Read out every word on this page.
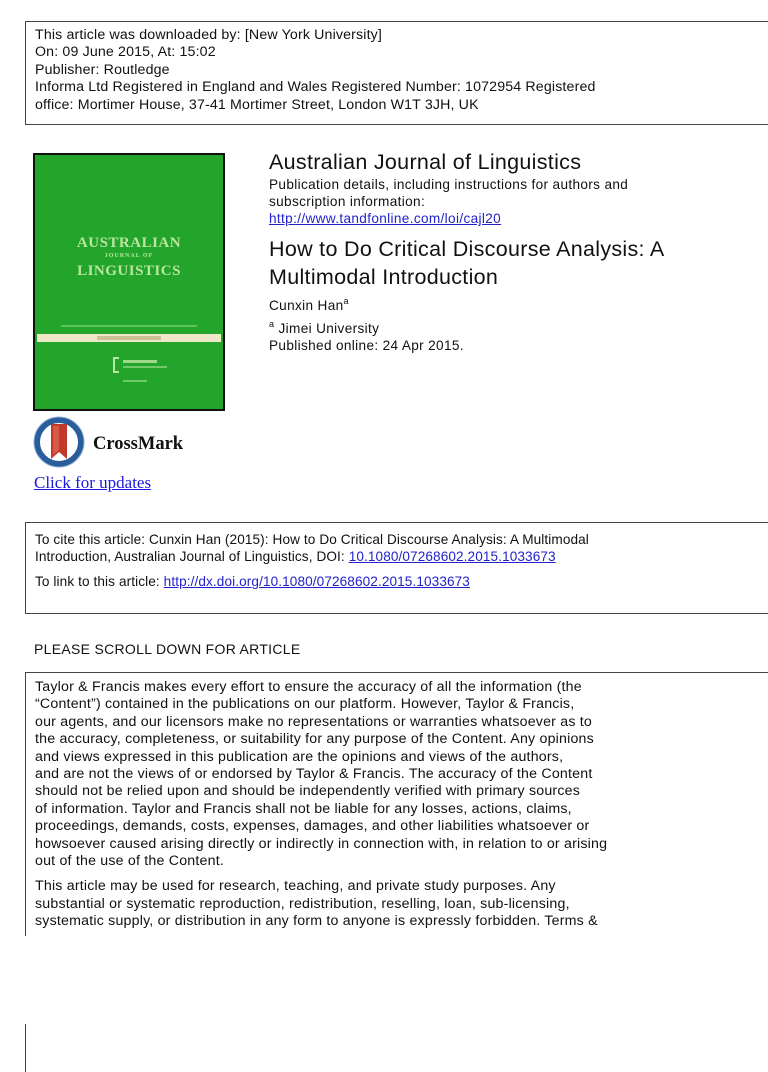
This article was downloaded by: [New York University]
On: 09 June 2015, At: 15:02
Publisher: Routledge
Informa Ltd Registered in England and Wales Registered Number: 1072954 Registered
office: Mortimer House, 37-41 Mortimer Street, London W1T 3JH, UK
AUSTRALIAN
JOURNAL OF
LINGUISTICS
CrossMark
Click for updates
Australian Journal of Linguistics
Publication details, including instructions for authors and
subscription information:
http://www.tandfonline.com/loi/cajl20
How to Do Critical Discourse Analysis: A
Multimodal Introduction
Cunxin Han$^a$
$^a$ Jimei University
Published online: 24 Apr 2015.
To cite this article: Cunxin Han (2015): How to Do Critical Discourse Analysis: A Multimodal
Introduction, Australian Journal of Linguistics, DOI: 10.1080/07268602.2015.1033673
To link to this article: http://dx.doi.org/10.1080/07268602.2015.1033673
PLEASE SCROLL DOWN FOR ARTICLE
Taylor & Francis makes every effort to ensure the accuracy of all the information (the
“Content”) contained in the publications on our platform. However, Taylor & Francis,
our agents, and our licensors make no representations or warranties whatsoever as to
the accuracy, completeness, or suitability for any purpose of the Content. Any opinions
and views expressed in this publication are the opinions and views of the authors,
and are not the views of or endorsed by Taylor & Francis. The accuracy of the Content
should not be relied upon and should be independently verified with primary sources
of information. Taylor and Francis shall not be liable for any losses, actions, claims,
proceedings, demands, costs, expenses, damages, and other liabilities whatsoever or
howsoever caused arising directly or indirectly in connection with, in relation to or arising
out of the use of the Content.
This article may be used for research, teaching, and private study purposes. Any
substantial or systematic reproduction, redistribution, reselling, loan, sub-licensing,
systematic supply, or distribution in any form to anyone is expressly forbidden. Terms &
